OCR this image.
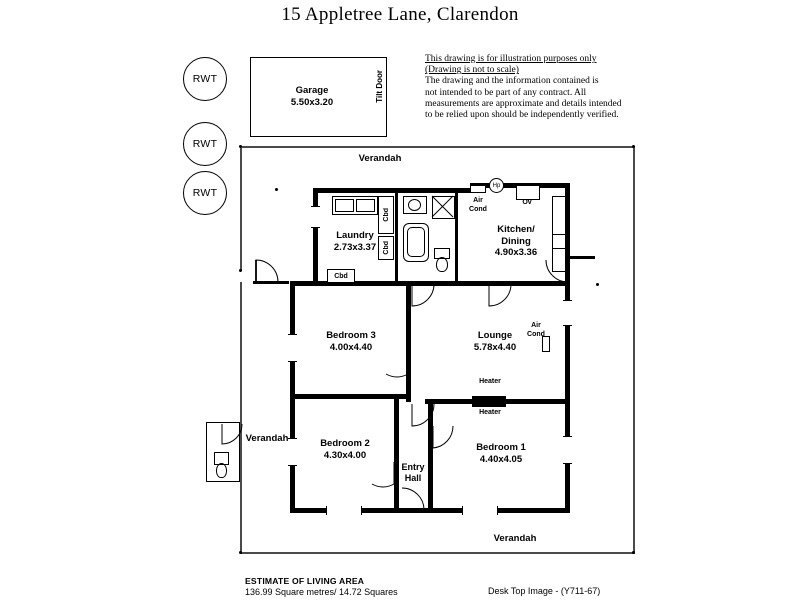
15 Appletree Lane, Clarendon
This drawing is for illustration purposes only
(Drawing is not to scale)
The drawing and the information contained is
not intended to be part of any contract. All
measurements are approximate and details intended
to be relied upon should be independently verified.
RWT
RWT
RWT
Tilt Door
Garage
5.50x3.20
Verandah
Verandah
Verandah
Laundry
2.73x3.37
Kitchen/
Dining
4.90x3.36
Bedroom 3
4.00x4.40
Lounge
5.78x4.40
Bedroom 2
4.30x4.00
Bedroom 1
4.40x4.05
Entry
Hall
Ov
Hp
Air
Cond
Air
Cond
Cbd
Cbd
Cbd
Heater
Heater
ESTIMATE OF LIVING AREA
136.99 Square metres/ 14.72 Squares	Desk Top Image - (Y711-67)
